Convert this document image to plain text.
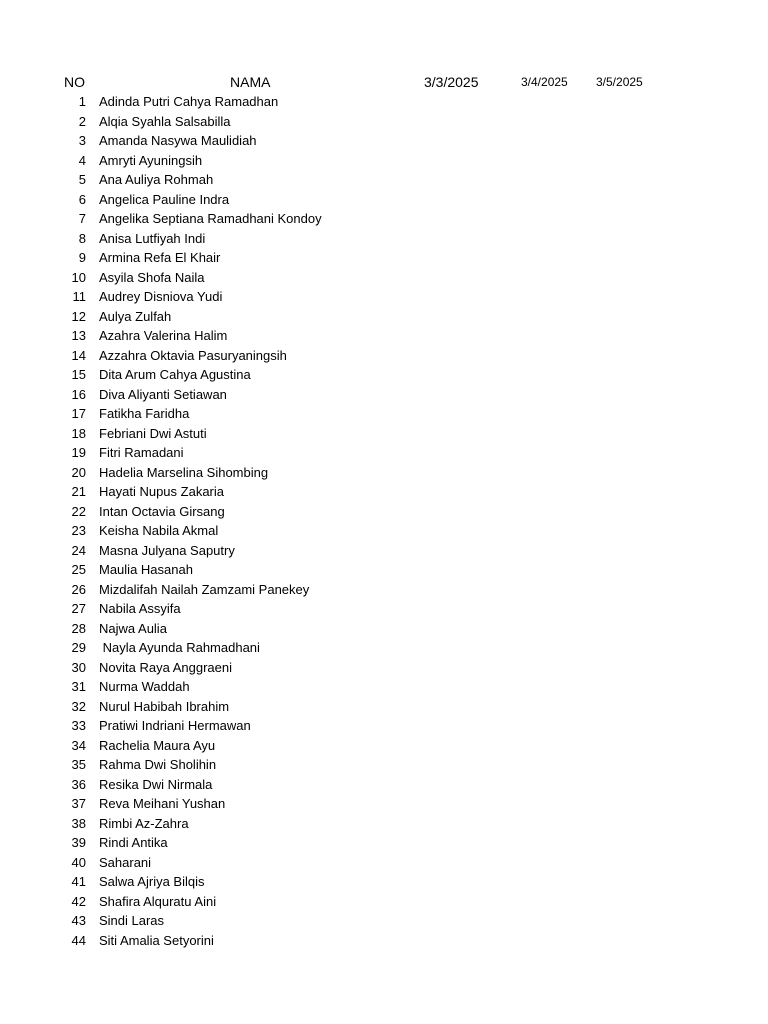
NO	NAMA	3/3/2025	3/4/2025 3/5/2025
1 Adinda Putri Cahya Ramadhan
2 Alqia Syahla Salsabilla
3 Amanda Nasywa Maulidiah
4 Amryti Ayuningsih
5 Ana Auliya Rohmah
6 Angelica Pauline Indra
7 Angelika Septiana Ramadhani Kondoy
8 Anisa Lutfiyah Indi
9 Armina Refa El Khair
10 Asyila Shofa Naila
11 Audrey Disniova Yudi
12 Aulya Zulfah
13 Azahra Valerina Halim
14 Azzahra Oktavia Pasuryaningsih
15 Dita Arum Cahya Agustina
16 Diva Aliyanti Setiawan
17 Fatikha Faridha
18 Febriani Dwi Astuti
19 Fitri Ramadani
20 Hadelia Marselina Sihombing
21 Hayati Nupus Zakaria
22 Intan Octavia Girsang
23 Keisha Nabila Akmal
24 Masna Julyana Saputry
25 Maulia Hasanah
26 Mizdalifah Nailah Zamzami Panekey
27 Nabila Assyifa
28 Najwa Aulia
29 Nayla Ayunda Rahmadhani
30 Novita Raya Anggraeni
31 Nurma Waddah
32 Nurul Habibah Ibrahim
33 Pratiwi Indriani Hermawan
34 Rachelia Maura Ayu
35 Rahma Dwi Sholihin
36 Resika Dwi Nirmala
37 Reva Meihani Yushan
38 Rimbi Az-Zahra
39 Rindi Antika
40 Saharani
41 Salwa Ajriya Bilqis
42 Shafira Alquratu Aini
43 Sindi Laras
44 Siti Amalia Setyorini
